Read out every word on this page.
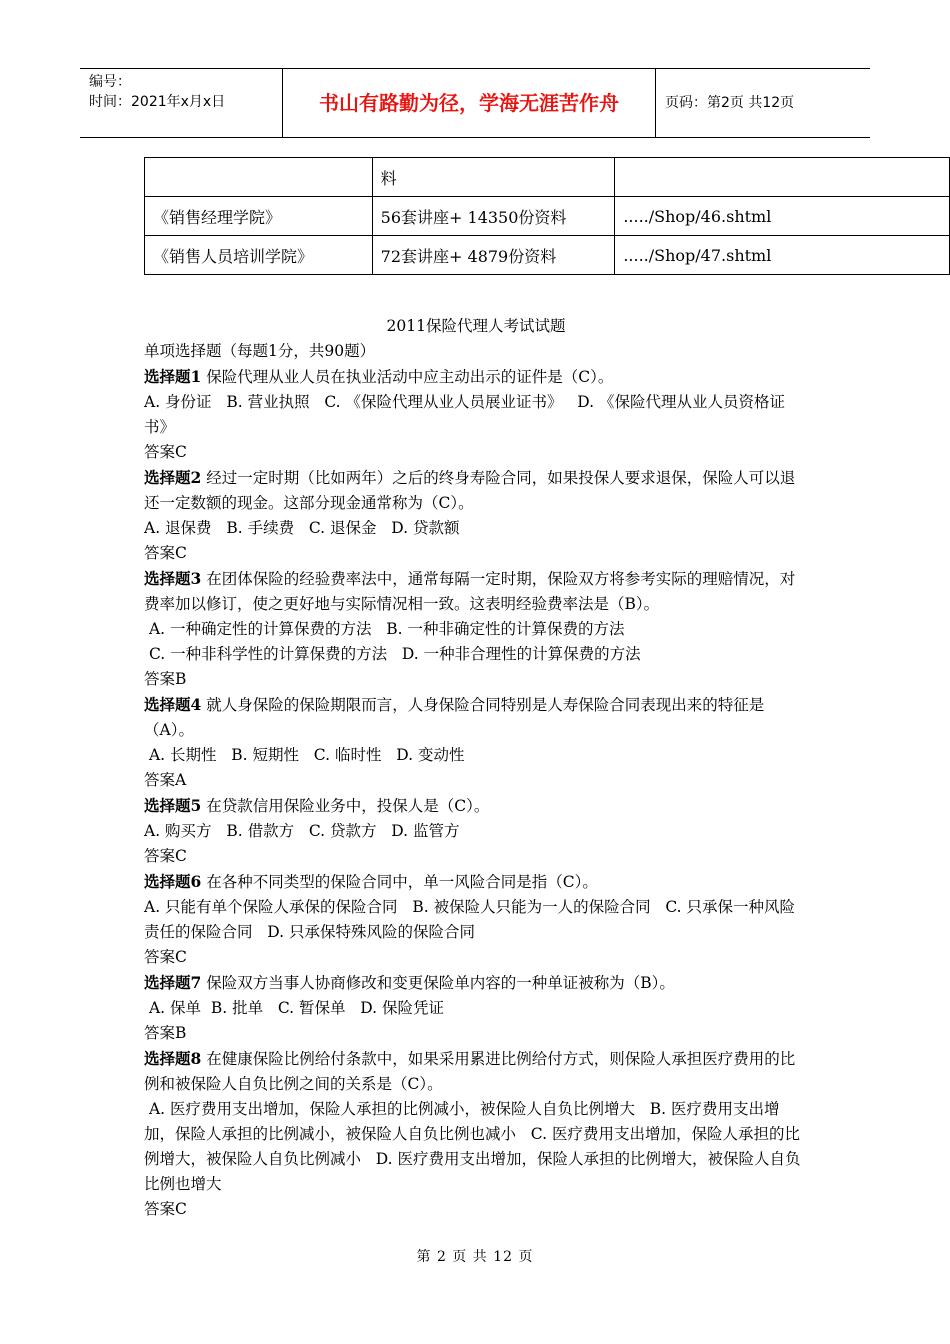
编号：
时间：2021年x月x日	书山有路勤为径，学海无涯苦作舟	页码：第2页 共12页
	料	
《销售经理学院》	56套讲座+ 14350份资料	...../Shop/46.shtml
《销售人员培训学院》	72套讲座+ 4879份资料	...../Shop/47.shtml

2011保险代理人考试试题

单项选择题（每题1分，共90题）

选择题1 保险代理从业人员在执业活动中应主动出示的证件是（C）。

A. 身份证   B. 营业执照   C. 《保险代理从业人员展业证书》   D. 《保险代理从业人员资格证书》

答案C

选择题2 经过一定时期（比如两年）之后的终身寿险合同，如果投保人要求退保，保险人可以退还一定数额的现金。这部分现金通常称为（C）。

A. 退保费   B. 手续费   C. 退保金   D. 贷款额

答案C

选择题3 在团体保险的经验费率法中，通常每隔一定时期，保险双方将参考实际的理赔情况，对费率加以修订，使之更好地与实际情况相一致。这表明经验费率法是（B）。

A. 一种确定性的计算保费的方法   B. 一种非确定性的计算保费的方法
C. 一种非科学性的计算保费的方法   D. 一种非合理性的计算保费的方法

答案B

选择题4 就人身保险的保险期限而言，人身保险合同特别是人寿保险合同表现出来的特征是（A）。

A. 长期性   B. 短期性   C. 临时性   D. 变动性

答案A

选择题5 在贷款信用保险业务中，投保人是（C）。

A. 购买方   B. 借款方   C. 贷款方   D. 监管方

答案C

选择题6 在各种不同类型的保险合同中，单一风险合同是指（C）。

A. 只能有单个保险人承保的保险合同   B. 被保险人只能为一人的保险合同   C. 只承保一种风险责任的保险合同   D. 只承保特殊风险的保险合同

答案C

选择题7 保险双方当事人协商修改和变更保险单内容的一种单证被称为（B）。

A. 保单  B. 批单   C. 暂保单   D. 保险凭证

答案B

选择题8 在健康保险比例给付条款中，如果采用累进比例给付方式，则保险人承担医疗费用的比例和被保险人自负比例之间的关系是（C）。

A. 医疗费用支出增加，保险人承担的比例减小，被保险人自负比例增大   B. 医疗费用支出增加，保险人承担的比例减小，被保险人自负比例也减小   C. 医疗费用支出增加，保险人承担的比例增大，被保险人自负比例减小   D. 医疗费用支出增加，保险人承担的比例增大，被保险人自负比例也增大

答案C

第 2 页 共 12 页
